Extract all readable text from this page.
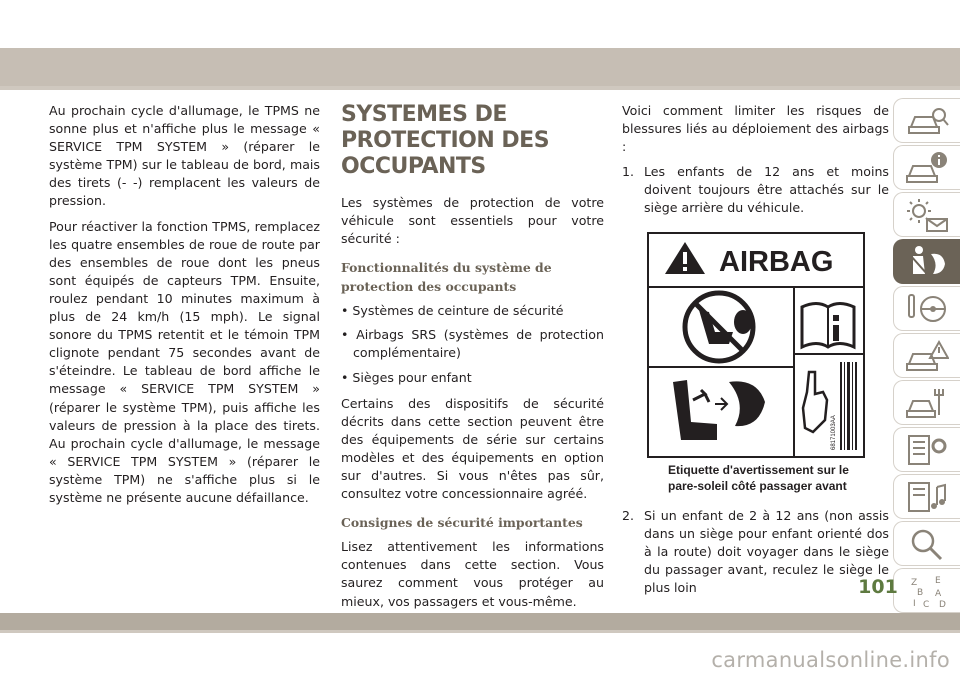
Au prochain cycle d'allumage, le TPMS ne sonne plus et n'affiche plus le message « SERVICE TPM SYSTEM » (réparer le système TPM) sur le tableau de bord, mais des tirets (- -) remplacent les valeurs de pression.

Pour réactiver la fonction TPMS, remplacez les quatre ensembles de roue de route par des ensembles de roue dont les pneus sont équipés de capteurs TPM. Ensuite, roulez pendant 10 minutes maximum à plus de 24 km/h (15 mph). Le signal sonore du TPMS retentit et le témoin TPM clignote pendant 75 secondes avant de s'éteindre. Le tableau de bord affiche le message « SERVICE TPM SYSTEM » (réparer le système TPM), puis affiche les valeurs de pression à la place des tirets. Au prochain cycle d'allumage, le message « SERVICE TPM SYSTEM » (réparer le système TPM) ne s'affiche plus si le système ne présente aucune défaillance.

SYSTEMES DE
PROTECTION DES
OCCUPANTS

Les systèmes de protection de votre véhicule sont essentiels pour votre sécurité :

Fonctionnalités du système de protection des occupants
• Systèmes de ceinture de sécurité
• Airbags SRS (systèmes de protection complémentaire)
• Sièges pour enfant

Certains des dispositifs de sécurité décrits dans cette section peuvent être des équipements de série sur certains modèles et des équipements en option sur d'autres. Si vous n'êtes pas sûr, consultez votre concessionnaire agréé.

Consignes de sécurité importantes

Lisez attentivement les informations contenues dans cette section. Vous saurez comment vous protéger au mieux, vos passagers et vous-même.

Voici comment limiter les risques de blessures liés au déploiement des airbags :

1. Les enfants de 12 ans et moins doivent toujours être attachés sur le siège arrière du véhicule.
AIRBAG
68171003AA
Etiquette d'avertissement sur le
pare-soleil côté passager avant
2. Si un enfant de 2 à 12 ans (non assis dans un siège pour enfant orienté dos à la route) doit voyager dans le siège du passager avant, reculez le siège le plus loin	Z E
B A
I C D
101
carmanualsonline.info
